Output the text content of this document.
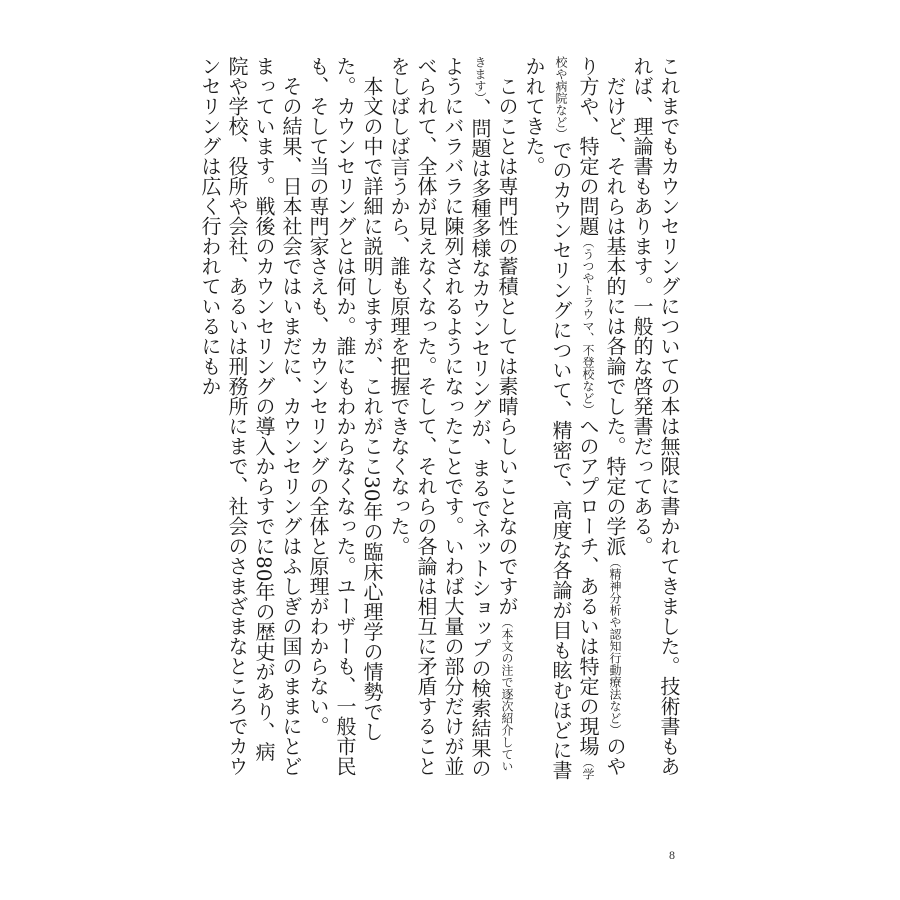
これまでもカウンセリングについての本は無限に書かれてきました。技術書もあれば、理論書もあります。一般的な啓発書だってある。

だけど、それらは基本的には各論でした。特定の学派（精神分析や認知行動療法など）のやり方や、特定の問題（うつやトラウマ、不登校など）へのアプローチ、あるいは特定の現場（学校や病院など）でのカウンセリングについて、精密で、高度な各論が目も眩むほどに書かれてきた。

このことは専門性の蓄積としては素晴らしいことなのですが（本文の注で逐次紹介していきます）、問題は多種多様なカウンセリングが、まるでネットショップの検索結果のようにバラバラに陳列されるようになったことです。いわば大量の部分だけが並べられて、全体が見えなくなった。そして、それらの各論は相互に矛盾することをしばしば言うから、誰も原理を把握できなくなった。

本文の中で詳細に説明しますが、これがここ30年の臨床心理学の情勢でした。カウンセリングとは何か。誰にもわからなくなった。ユーザーも、一般市民も、そして当の専門家さえも、カウンセリングの全体と原理がわからない。

その結果、日本社会ではいまだに、カウンセリングはふしぎの国のままにとどまっています。戦後のカウンセリングの導入からすでに80年の歴史があり、病院や学校、役所や会社、あるいは刑務所にまで、社会のさまざまなところでカウンセリングは広く行われているにもか

8
